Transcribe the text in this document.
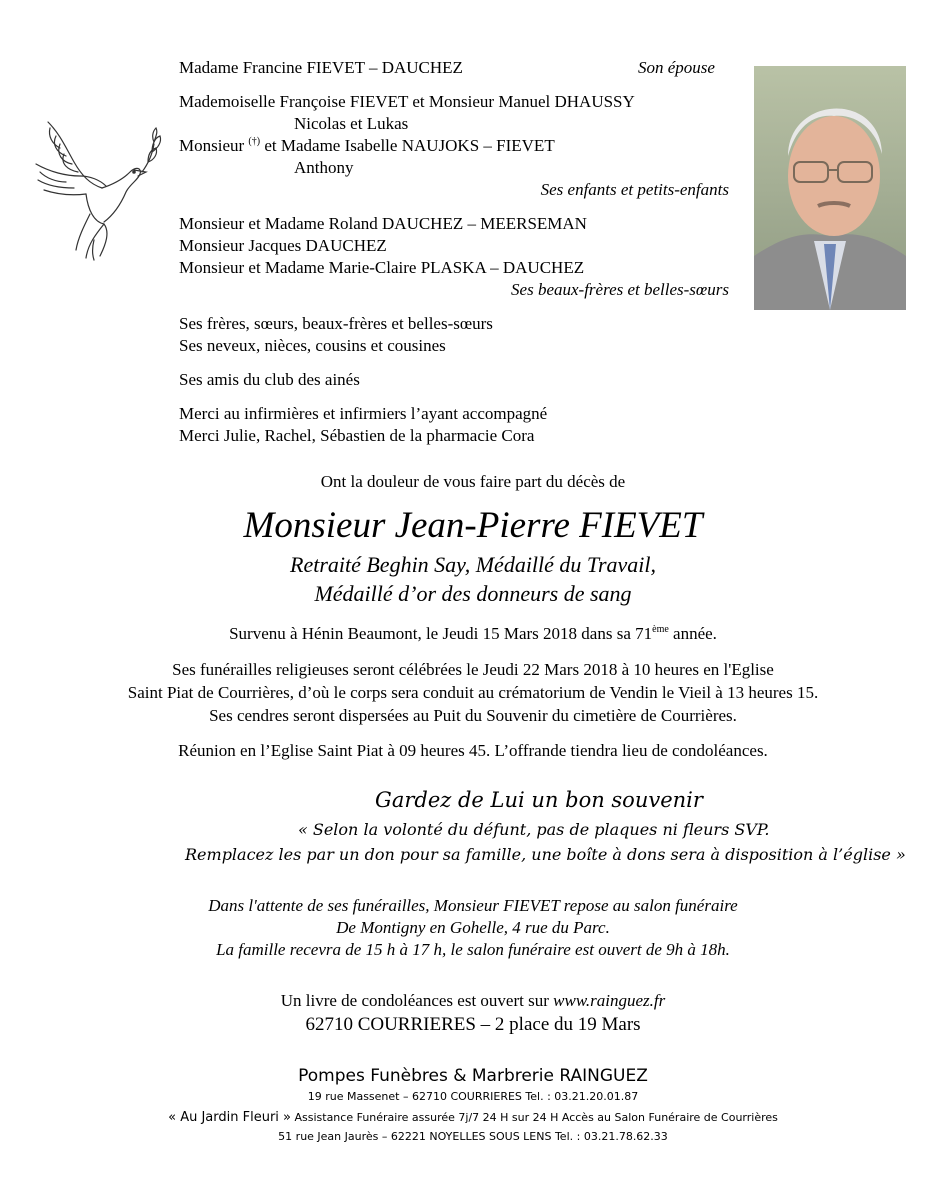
Madame Francine FIEVET – DAUCHEZ	Son épouse
Mademoiselle Françoise FIEVET et Monsieur Manuel DHAUSSY
Nicolas et Lukas
Monsieur (†) et Madame Isabelle NAUJOKS – FIEVET
Anthony
Ses enfants et petits-enfants
Monsieur et Madame Roland DAUCHEZ – MEERSEMAN
Monsieur Jacques DAUCHEZ
Monsieur et Madame Marie-Claire PLASKA – DAUCHEZ
Ses beaux-frères et belles-sœurs
Ses frères, sœurs, beaux-frères et belles-sœurs
Ses neveux, nièces, cousins et cousines
Ses amis du club des ainés
Merci au infirmières et infirmiers l’ayant accompagné
Merci Julie, Rachel, Sébastien de la pharmacie Cora
Ont la douleur de vous faire part du décès de
Monsieur Jean-Pierre FIEVET
Retraité Beghin Say, Médaillé du Travail,
Médaillé d’or des donneurs de sang
Survenu à Hénin Beaumont, le Jeudi 15 Mars 2018 dans sa 71ème année.
Ses funérailles religieuses seront célébrées le Jeudi 22 Mars 2018 à 10 heures en l'Eglise
Saint Piat de Courrières, d’où le corps sera conduit au crématorium de Vendin le Vieil à 13 heures 15.
Ses cendres seront dispersées au Puit du Souvenir du cimetière de Courrières.
Réunion en l’Eglise Saint Piat à 09 heures 45. L’offrande tiendra lieu de condoléances.
Gardez de Lui un bon souvenir
« Selon la volonté du défunt, pas de plaques ni fleurs SVP.
Remplacez les par un don pour sa famille, une boîte à dons sera à disposition à l’église »
Dans l'attente de ses funérailles, Monsieur FIEVET repose au salon funéraire
De Montigny en Gohelle, 4 rue du Parc.
La famille recevra de 15 h à 17 h, le salon funéraire est ouvert de 9h à 18h.
Un livre de condoléances est ouvert sur www.rainguez.fr
62710 COURRIERES – 2 place du 19 Mars
Pompes Funèbres & Marbrerie RAINGUEZ
19 rue Massenet – 62710 COURRIERES Tel. : 03.21.20.01.87
« Au Jardin Fleuri » Assistance Funéraire assurée 7j/7 24 H sur 24 H Accès au Salon Funéraire de Courrières
51 rue Jean Jaurès – 62221 NOYELLES SOUS LENS Tel. : 03.21.78.62.33
